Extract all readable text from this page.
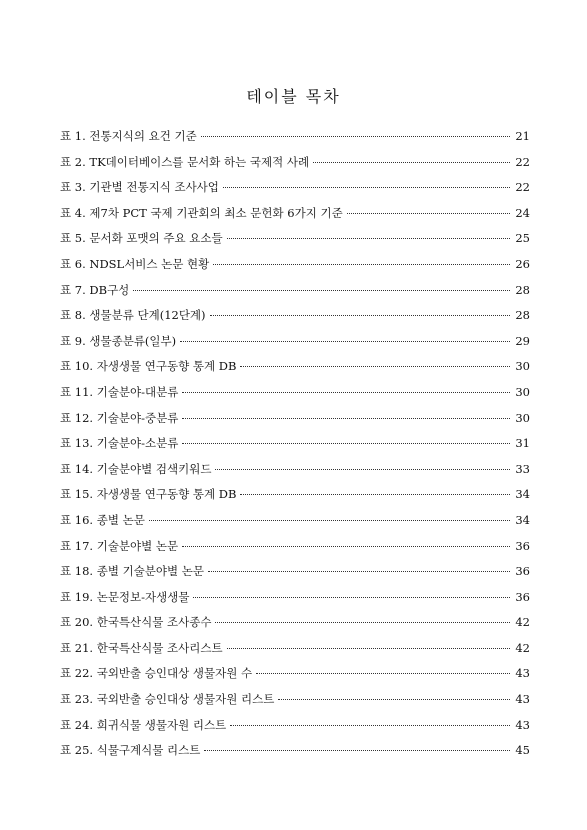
테이블 목차
표 1. 전통지식의 요건 기준	21
표 2. TK데이터베이스를 문서화 하는 국제적 사례	22
표 3. 기관별 전통지식 조사사업	22
표 4. 제7차 PCT 국제 기관회의 최소 문헌화 6가지 기준	24
표 5. 문서화 포맷의 주요 요소들	25
표 6. NDSL서비스 논문 현황	26
표 7. DB구성	28
표 8. 생물분류 단계(12단계)	28
표 9. 생물종분류(일부)	29
표 10. 자생생물 연구동향 통계 DB	30
표 11. 기술분야-대분류	30
표 12. 기술분야-중분류	30
표 13. 기술분야-소분류	31
표 14. 기술분야별 검색키워드	33
표 15. 자생생물 연구동향 통계 DB	34
표 16. 종별 논문	34
표 17. 기술분야별 논문	36
표 18. 종별 기술분야별 논문	36
표 19. 논문정보-자생생물	36
표 20. 한국특산식물 조사종수	42
표 21. 한국특산식물 조사리스트	42
표 22. 국외반출 승인대상 생물자원 수	43
표 23. 국외반출 승인대상 생물자원 리스트	43
표 24. 희귀식물 생물자원 리스트	43
표 25. 식물구계식물 리스트	45
